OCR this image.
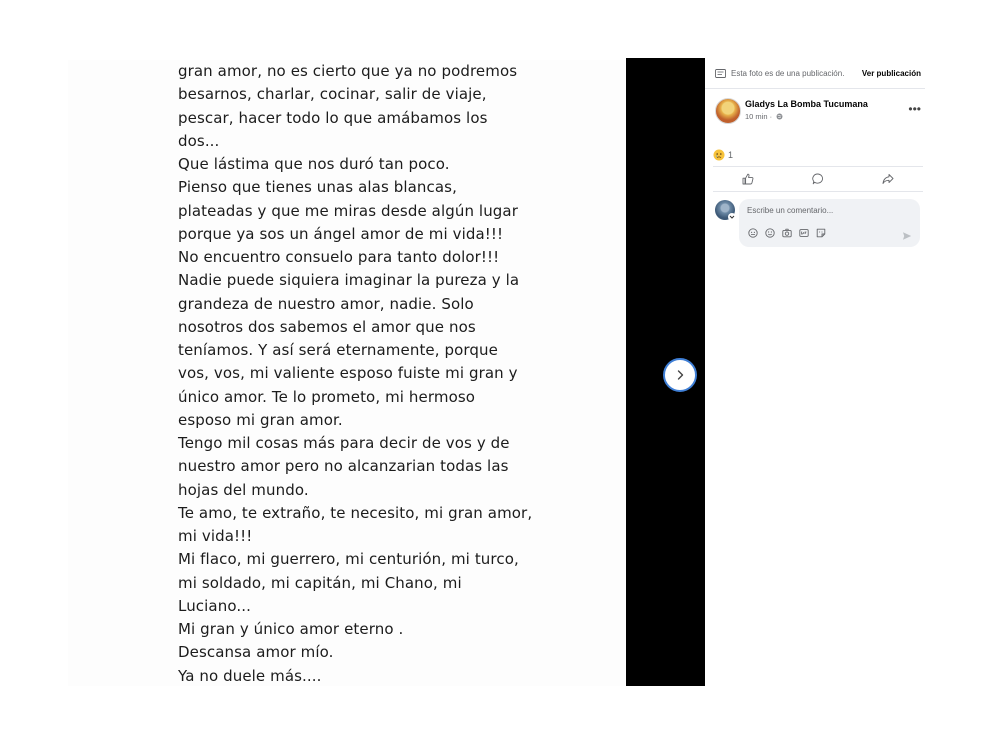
gran amor, no es cierto que ya no podremos
besarnos, charlar, cocinar, salir de viaje,
pescar, hacer todo lo que amábamos los
dos...
Que lástima que nos duró tan poco.
Pienso que tienes unas alas blancas,
plateadas y que me miras desde algún lugar
porque ya sos un ángel amor de mi vida!!!
No encuentro consuelo para tanto dolor!!!
Nadie puede siquiera imaginar la pureza y la
grandeza de nuestro amor, nadie. Solo
nosotros dos sabemos el amor que nos
teníamos. Y así será eternamente, porque
vos, vos, mi valiente esposo fuiste mi gran y
único amor. Te lo prometo, mi hermoso
esposo mi gran amor.
Tengo mil cosas más para decir de vos y de
nuestro amor pero no alcanzarian todas las
hojas del mundo.
Te amo, te extraño, te necesito, mi gran amor,
mi vida!!!
Mi flaco, mi guerrero, mi centurión, mi turco,
mi soldado, mi capitán, mi Chano, mi
Luciano...
Mi gran y único amor eterno .
Descansa amor mío.
Ya no duele más....
Esta foto es de una publicación. Ver publicación
Gladys La Bomba Tucumana
10 min ·
•••
1
Escribe un comentario...
